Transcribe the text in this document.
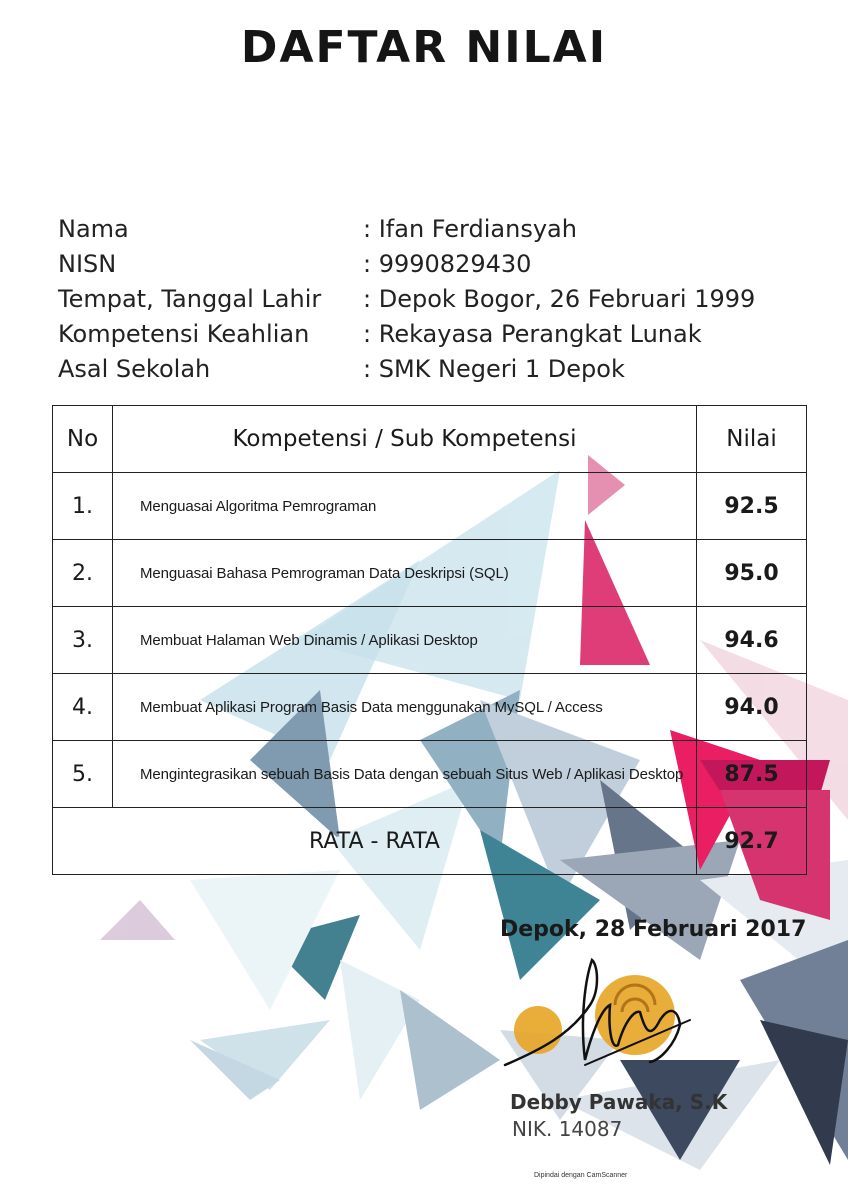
DAFTAR NILAI
Nama	: Ifan Ferdiansyah
NISN	: 9990829430
Tempat, Tanggal Lahir	: Depok Bogor, 26 Februari 1999
Kompetensi Keahlian	: Rekayasa Perangkat Lunak
Asal Sekolah	: SMK Negeri 1 Depok
No	Kompetensi / Sub Kompetensi	Nilai
1.	Menguasai Algoritma Pemrograman	92.5
2.	Menguasai Bahasa Pemrograman Data Deskripsi (SQL)	95.0
3.	Membuat Halaman Web Dinamis / Aplikasi Desktop	94.6
4.	Membuat Aplikasi Program Basis Data menggunakan MySQL / Access	94.0
5.	Mengintegrasikan sebuah Basis Data dengan sebuah Situs Web / Aplikasi Desktop	87.5
RATA - RATA		92.7
Depok, 28 Februari 2017
Debby Pawaka, S.K
NIK. 14087
Dipindai dengan CamScanner
